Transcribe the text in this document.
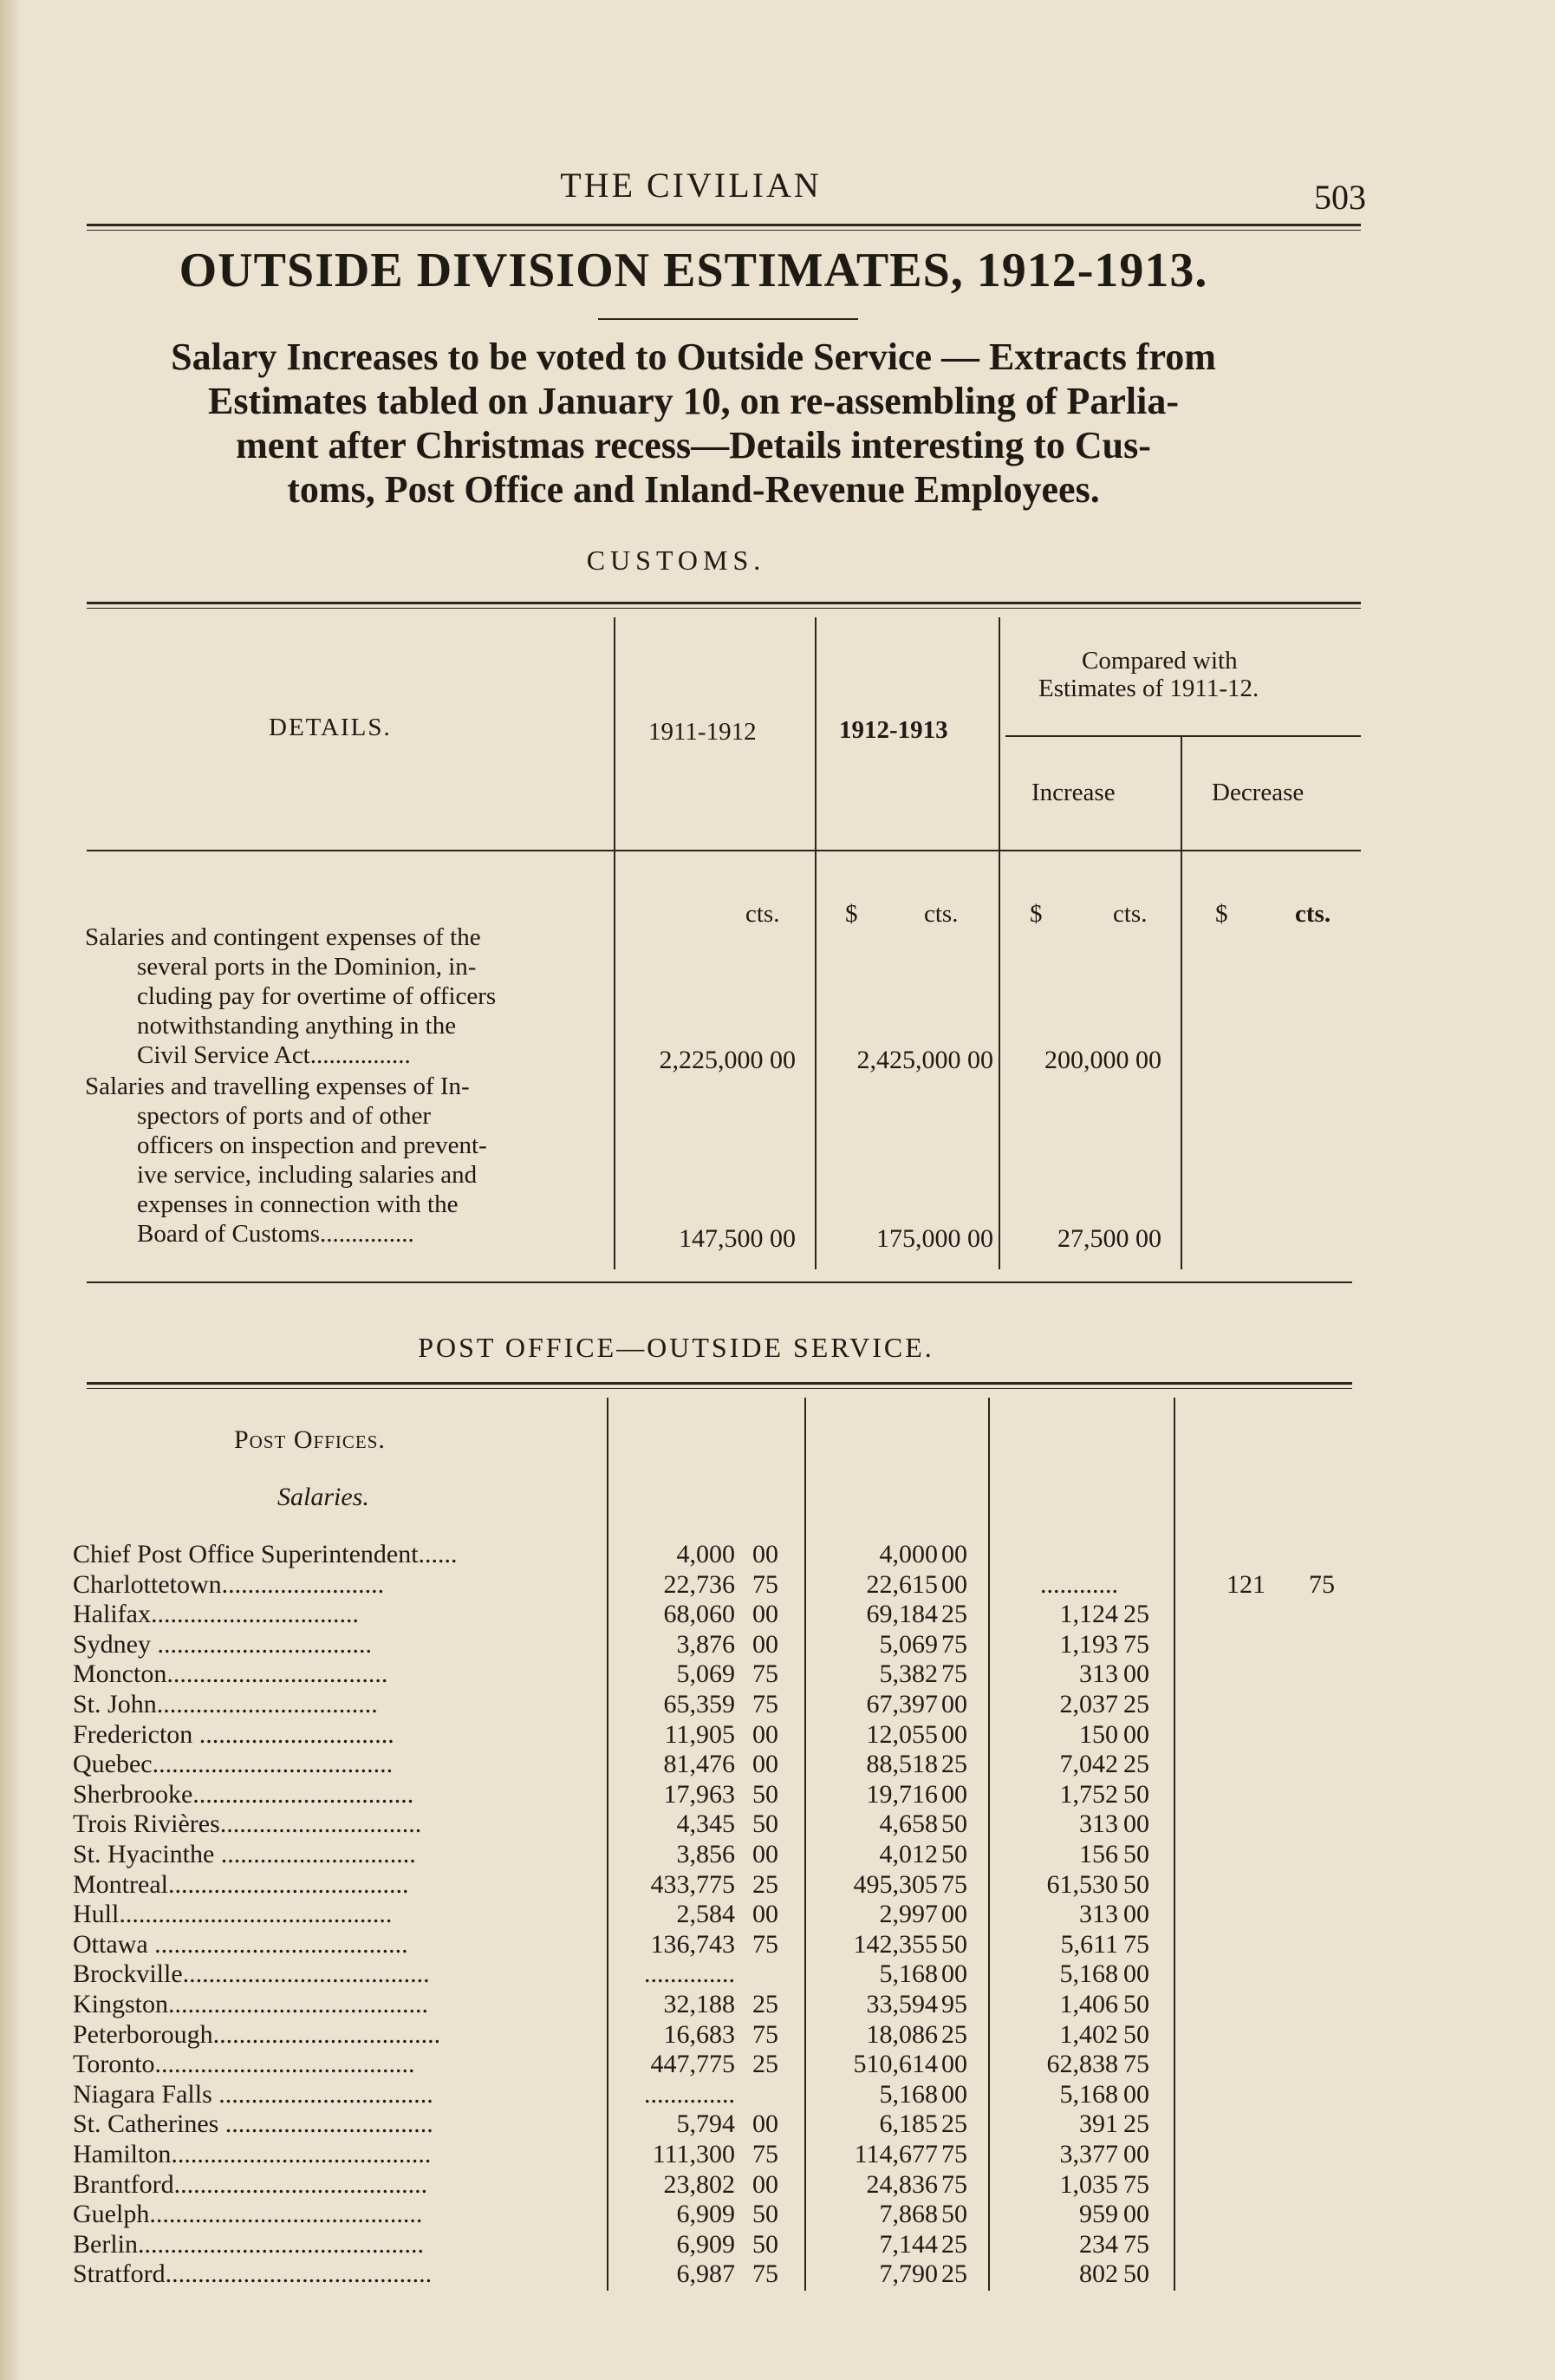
THE CIVILIAN	503
OUTSIDE DIVISION ESTIMATES, 1912-1913.
Salary Increases to be voted to Outside Service — Extracts from
Estimates tabled on January 10, on re-assembling of Parlia-
ment after Christmas recess—Details interesting to Cus-
toms, Post Office and Inland-Revenue Employees.
CUSTOMS.
DETAILS.	1911-1912	1912-1913
Compared with
Estimates of 1911-12.
Increase	Decrease
cts.	$	cts.	$	cts.	$	cts.
Salaries and contingent expenses of the
several ports in the Dominion, in-
cluding pay for overtime of officers
notwithstanding anything in the
Civil Service Act................	2,225,000 00	2,425,000 00	200,000 00
Salaries and travelling expenses of In-
spectors of ports and of other
officers on inspection and prevent-
ive service, including salaries and
expenses in connection with the
Board of Customs...............	147,500 00	175,000 00	27,500 00
POST OFFICE—OUTSIDE SERVICE.
Post Offices.
Salaries.
Chief Post Office Superintendent......	4,000 00	4,000 00
Charlottetown.........................	22,736 75	22,615 00	............	121 75
Halifax................................	68,060 00	69,184 25	1,124 25
Sydney .................................	3,876 00	5,069 75	1,193 75
Moncton..................................	5,069 75	5,382 75	313 00
St. John..................................	65,359 75	67,397 00	2,037 25
Fredericton ..............................	11,905 00	12,055 00	150 00
Quebec.....................................	81,476 00	88,518 25	7,042 25
Sherbrooke..................................	17,963 50	19,716 00	1,752 50
Trois Rivières...............................	4,345 50	4,658 50	313 00
St. Hyacinthe ..............................	3,856 00	4,012 50	156 50
Montreal.....................................	433,775 25	495,305 75	61,530 50
Hull..........................................	2,584 00	2,997 00	313 00
Ottawa .......................................	136,743 75	142,355 50	5,611 75
Brockville......................................	..............	5,168 00	5,168 00
Kingston........................................	32,188 25	33,594 95	1,406 50
Peterborough...................................	16,683 75	18,086 25	1,402 50
Toronto........................................	447,775 25	510,614 00	62,838 75
Niagara Falls .................................	..............	5,168 00	5,168 00
St. Catherines ................................	5,794 00	6,185 25	391 25
Hamilton........................................	111,300 75	114,677 75	3,377 00
Brantford.......................................	23,802 00	24,836 75	1,035 75
Guelph..........................................	6,909 50	7,868 50	959 00
Berlin............................................	6,909 50	7,144 25	234 75
Stratford.........................................	6,987 75	7,790 25	802 50
